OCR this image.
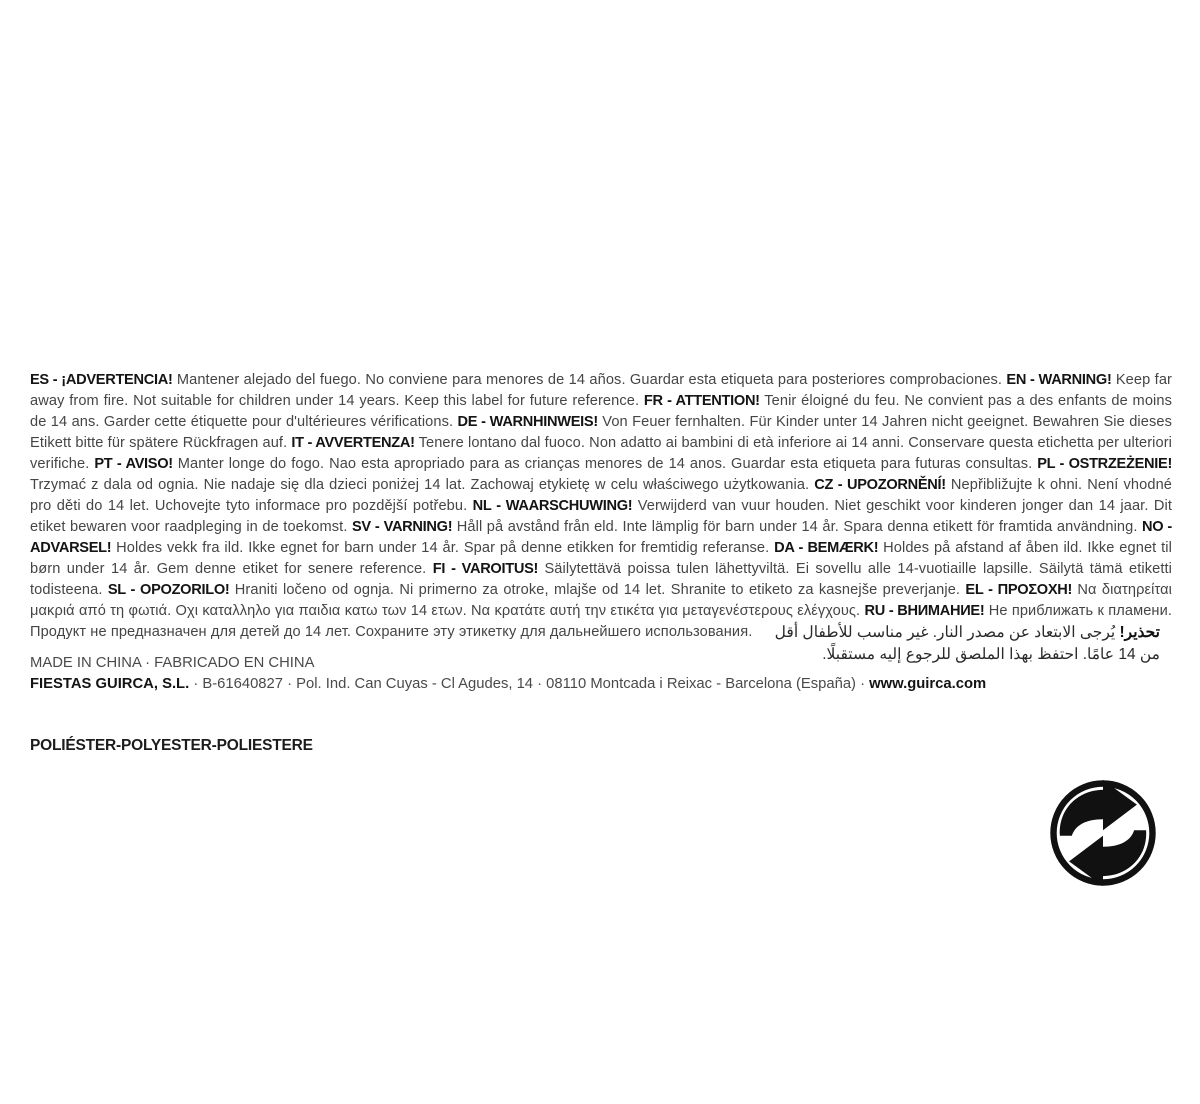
ES - ¡ADVERTENCIA! Mantener alejado del fuego. No conviene para menores de 14 años. Guardar esta etiqueta para posteriores comprobaciones. EN - WARNING! Keep far away from fire. Not suitable for children under 14 years. Keep this label for future reference. FR - ATTENTION! Tenir éloigné du feu. Ne convient pas a des enfants de moins de 14 ans. Garder cette étiquette pour d'ultérieures vérifications. DE - WARNHINWEIS! Von Feuer fernhalten. Für Kinder unter 14 Jahren nicht geeignet. Bewahren Sie dieses Etikett bitte für spätere Rückfragen auf. IT - AVVERTENZA! Tenere lontano dal fuoco. Non adatto ai bambini di età inferiore ai 14 anni. Conservare questa etichetta per ulteriori verifiche. PT - AVISO! Manter longe do fogo. Nao esta apropriado para as crianças menores de 14 anos. Guardar esta etiqueta para futuras consultas. PL - OSTRZEŻENIE! Trzymać z dala od ognia. Nie nadaje się dla dzieci poniżej 14 lat. Zachowaj etykietę w celu właściwego użytkowania. CZ - UPOZORNĚNÍ! Nepřibližujte k ohni. Není vhodné pro děti do 14 let. Uchovejte tyto informace pro pozdější potřebu. NL - WAARSCHUWING! Verwijderd van vuur houden. Niet geschikt voor kinderen jonger dan 14 jaar. Dit etiket bewaren voor raadpleging in de toekomst. SV - VARNING! Håll på avstånd från eld. Inte lämplig för barn under 14 år. Spara denna etikett för framtida användning. NO - ADVARSEL! Holdes vekk fra ild. Ikke egnet for barn under 14 år. Spar på denne etikken for fremtidig referanse. DA - BEMÆRK! Holdes på afstand af åben ild. Ikke egnet til børn under 14 år. Gem denne etiket for senere reference. FI - VAROITUS! Säilytettävä poissa tulen lähettyviltä. Ei sovellu alle 14-vuotiaille lapsille. Säilytä tämä etiketti todisteena. SL - OPOZORILO! Hraniti ločeno od ognja. Ni primerno za otroke, mlajše od 14 let. Shranite to etiketo za kasnejše preverjanje. EL - ΠΡΟΣΟΧΗ! Να διατηρείται μακριά από τη φωτιά. Οχι καταλληλο για παιδια κατω των 14 ετων. Να κρατάτε αυτή την ετικέτα για μεταγενέστερους ελέγχους. RU - ВНИМАНИЕ! Не приближать к пламени. Продукт не предназначен для детей до 14 лет. Сохраните эту этикетку для дальнейшего использования.	تحذير! يُرجى الابتعاد عن مصدر النار. غير مناسب للأطفال أقل
من 14 عامًا. احتفظ بهذا الملصق للرجوع إليه مستقبلًا.
MADE IN CHINA · FABRICADO EN CHINA
FIESTAS GUIRCA, S.L. · B-61640827 · Pol. Ind. Can Cuyas - Cl Agudes, 14 · 08110 Montcada i Reixac - Barcelona (España) · www.guirca.com
POLIÉSTER-POLYESTER-POLIESTERE
